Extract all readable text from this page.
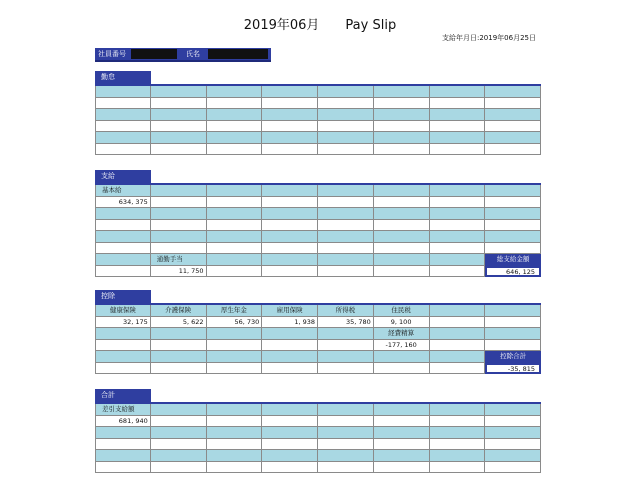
2019年06月 Pay Slip
支給年月日:2019年06月25日
社員番号	氏名
勤怠
支給
基本給
634, 375
通勤手当
11, 750
総支給金額
646, 125
控除
健康保険	介護保険	厚生年金	雇用保険	所得税	住民税
32, 175	5, 622	56, 730	1, 938	35, 780	9, 100
経費精算
-177, 160
控除合計
-35, 815
合計
差引支給額
681, 940
